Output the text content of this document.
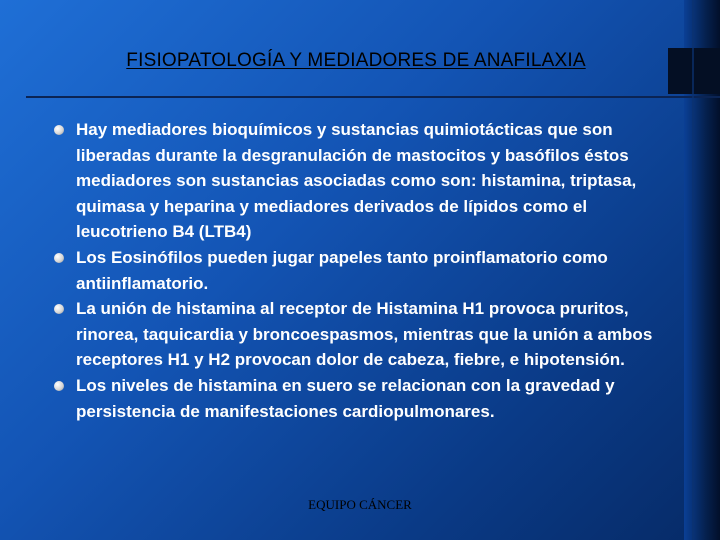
FISIOPATOLOGÍA Y MEDIADORES DE ANAFILAXIA
Hay mediadores bioquímicos y sustancias quimiotácticas que son liberadas durante la desgranulación de mastocitos y basófilos éstos mediadores son sustancias asociadas como son: histamina, triptasa, quimasa y heparina y mediadores derivados de lípidos como el leucotrieno B4 (LTB4)
Los Eosinófilos pueden jugar papeles tanto proinflamatorio como antiinflamatorio.
La unión de histamina al receptor de Histamina H1 provoca pruritos, rinorea, taquicardia y broncoespasmos, mientras que la unión a ambos receptores H1 y H2 provocan dolor de cabeza, fiebre, e hipotensión.
Los niveles de histamina en suero se relacionan con la gravedad y persistencia de manifestaciones cardiopulmonares.
EQUIPO CÁNCER
